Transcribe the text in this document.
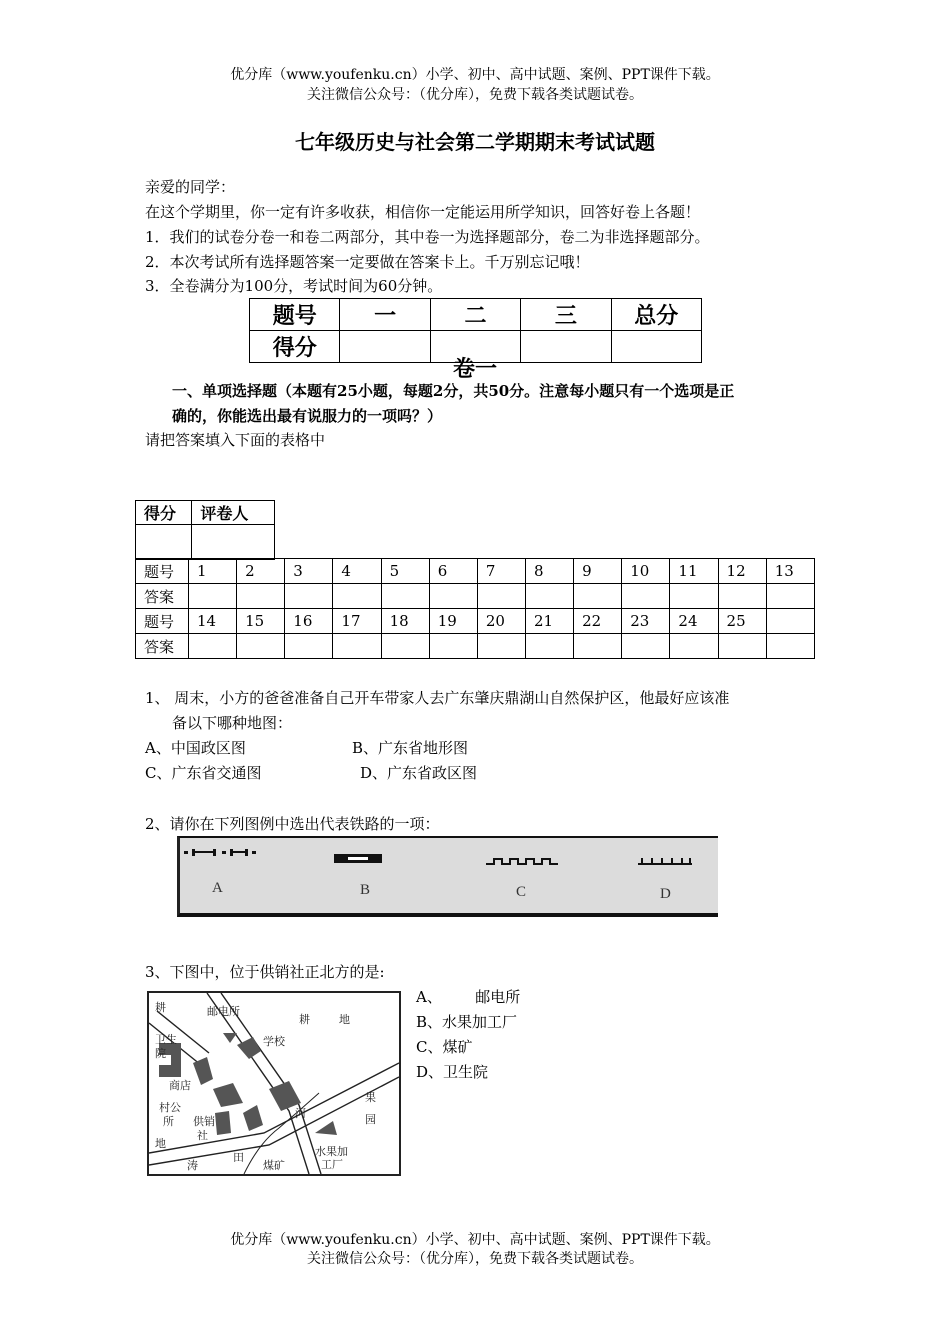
优分库（www.youfenku.cn）小学、初中、高中试题、案例、PPT课件下载。
关注微信公众号：（优分库），免费下载各类试题试卷。
七年级历史与社会第二学期期末考试试题
亲爱的同学：
在这个学期里，你一定有许多收获，相信你一定能运用所学知识，回答好卷上各题！
1．我们的试卷分卷一和卷二两部分，其中卷一为选择题部分，卷二为非选择题部分。
2．本次考试所有选择题答案一定要做在答案卡上。千万别忘记哦！
3．全卷满分为100分，考试时间为60分钟。
题号	一	二	三	总分
得分				
卷一
一、单项选择题（本题有25小题，每题2分，共50分。注意每小题只有一个选项是正
确的，你能选出最有说服力的一项吗？）
请把答案填入下面的表格中
得分	评卷人

题号	1	2	3	4	5	6	7	8	9	10	11	12	13
答案													
题号	14	15	16	17	18	19	20	21	22	23	24	25	
答案													
1、 周末，小方的爸爸准备自己开车带家人去广东肇庆鼎湖山自然保护区，他最好应该准
备以下哪种地图：
A、中国政区图	B、广东省地形图
C、广东省交通图	D、广东省政区图
2、请你在下列图例中选出代表铁路的一项：
A	B	C	D
3、下图中，位于供销社正北方的是:
耕	邮电所
耕	地
卫生
院
学校
商店
村公
所 供销
社
河
果
园
地
水果加
工厂
煤矿
涛
田
A、       邮电所
B、水果加工厂
C、煤矿
D、卫生院
优分库（www.youfenku.cn）小学、初中、高中试题、案例、PPT课件下载。
关注微信公众号：（优分库），免费下载各类试题试卷。
